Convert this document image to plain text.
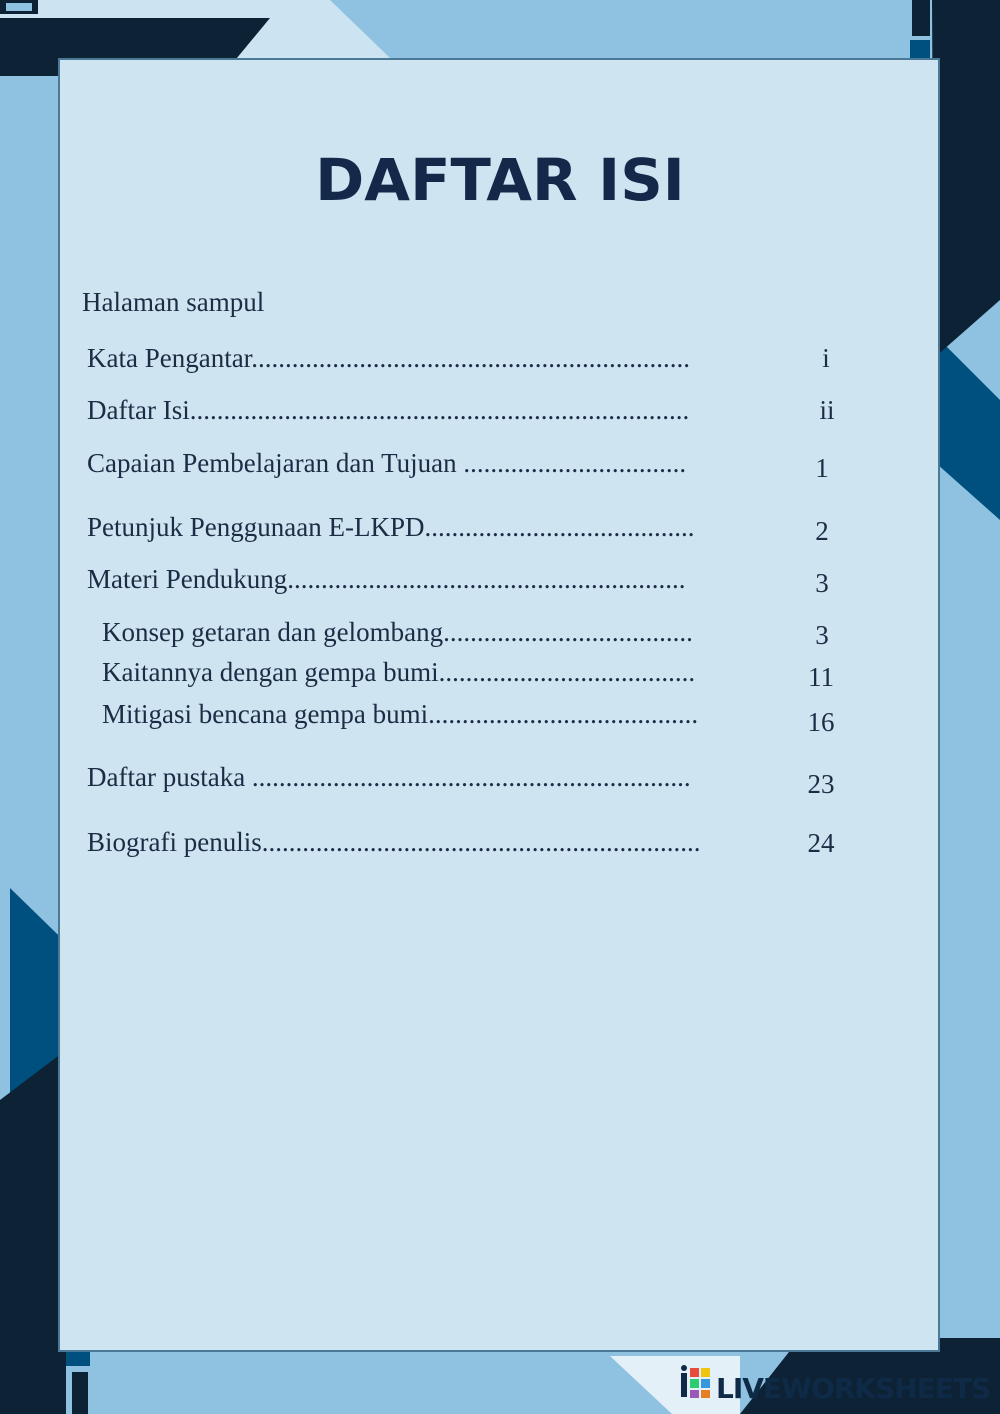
DAFTAR ISI
Halaman sampul
Kata Pengantar.................................................................	i
Daftar Isi..........................................................................	ii
Capaian Pembelajaran dan Tujuan .................................	1
Petunjuk Penggunaan E-LKPD........................................	2
Materi Pendukung...........................................................	3
Konsep getaran dan gelombang.....................................	3
Kaitannya dengan gempa bumi......................................	11
Mitigasi bencana gempa bumi........................................	16
Daftar pustaka .................................................................	23
Biografi penulis.................................................................	24
LIVEWORKSHEETS
